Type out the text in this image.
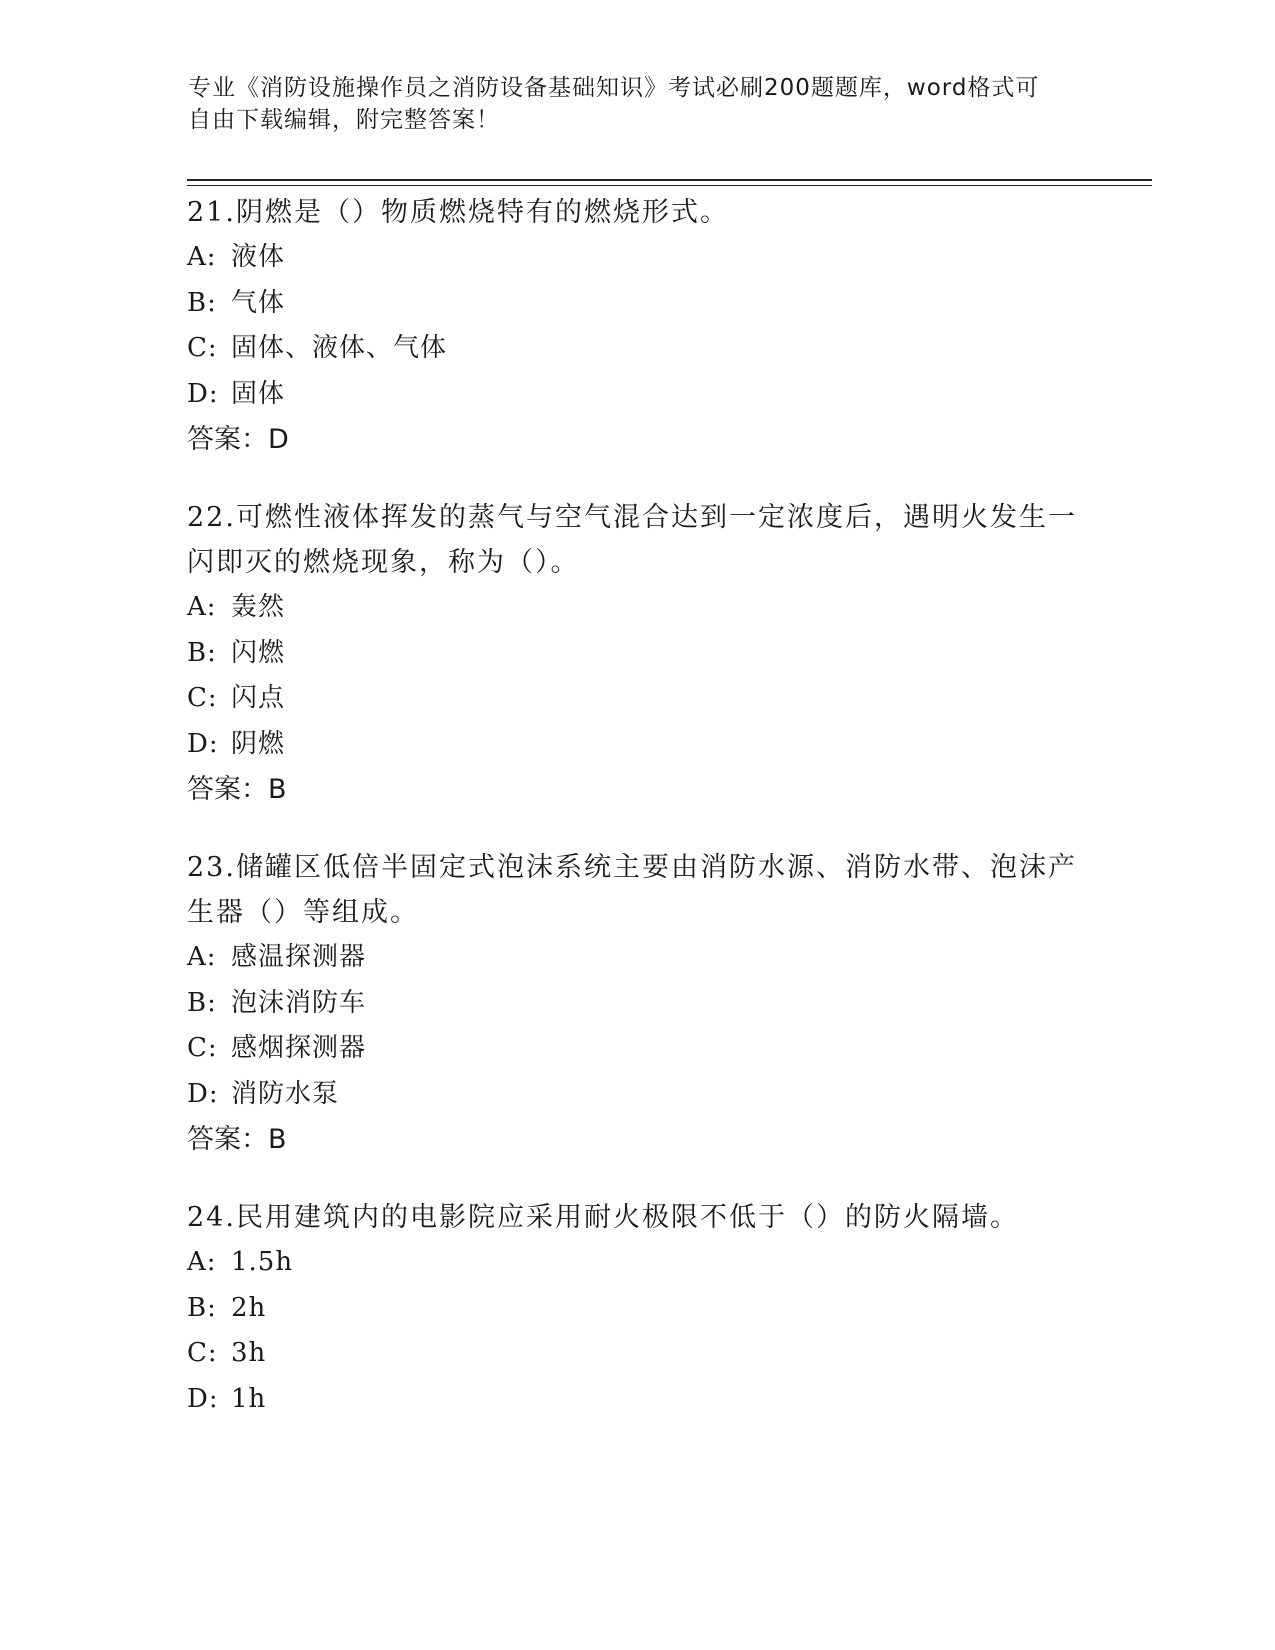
专业《消防设施操作员之消防设备基础知识》考试必刷200题题库，word格式可
自由下载编辑，附完整答案！

21.阴燃是（）物质燃烧特有的燃烧形式。

A: 液体

B: 气体

C: 固体、液体、气体

D: 固体

答案：D

22.可燃性液体挥发的蒸气与空气混合达到一定浓度后，遇明火发生一闪即灭的燃烧现象，称为（）。

A: 轰然

B: 闪燃

C: 闪点

D: 阴燃

答案：B

23.储罐区低倍半固定式泡沫系统主要由消防水源、消防水带、泡沫产生器（）等组成。

A: 感温探测器

B: 泡沫消防车

C: 感烟探测器

D: 消防水泵

答案：B

24.民用建筑内的电影院应采用耐火极限不低于（）的防火隔墙。

A: 1.5h

B: 2h

C: 3h

D: 1h
